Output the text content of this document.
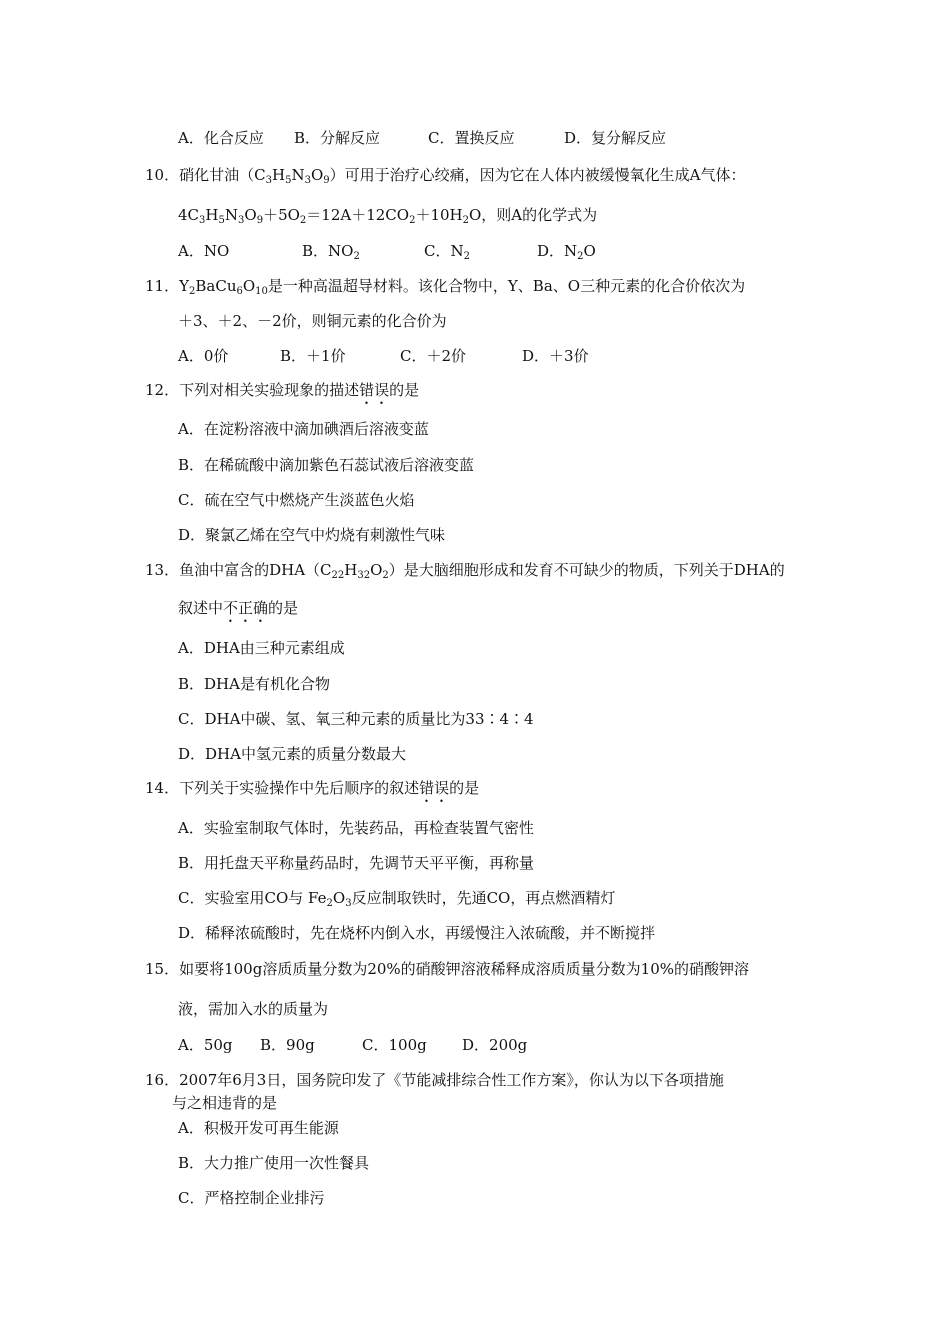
A．化合反应 B．分解反应	C．置换反应	D．复分解反应
10．硝化甘油$(C_3H_5N_3O_9)$可用于治疗心绞痛，因为它在人体内被缓慢氧化生成A气体：
$4C_3H_5N_3O_9+5O_2=12A+12CO_2+10H_2O$，则A的化学式为
A．NO	B．$NO_2$	C．$N_2$	D．$N_2O$
11．$Y_2BaCu_6O_{10}$是一种高温超导材料。该化合物中，Y、Ba、O三种元素的化合价依次为
＋3、＋2、－2价，则铜元素的化合价为
A．0价	B．＋1价	C．＋2价	D．＋3价
12．下列对相关实验现象的描述错误的是
A．在淀粉溶液中滴加碘酒后溶液变蓝
B．在稀硫酸中滴加紫色石蕊试液后溶液变蓝
C．硫在空气中燃烧产生淡蓝色火焰
D．聚氯乙烯在空气中灼烧有刺激性气味
13．鱼油中富含的$DHA(C_{22}H_{32}O_2)$是大脑细胞形成和发育不可缺少的物质，下列关于DHA的
叙述中不正确的是
A．DHA由三种元素组成
B．DHA是有机化合物
C．DHA中碳、氢、氧三种元素的质量比为33∶4∶4
D．DHA中氢元素的质量分数最大
14．下列关于实验操作中先后顺序的叙述错误的是
A．实验室制取气体时，先装药品，再检查装置气密性
B．用托盘天平称量药品时，先调节天平平衡，再称量
C．实验室用CO与 $Fe_2O_3$反应制取铁时，先通CO，再点燃酒精灯
D．稀释浓硫酸时，先在烧杯内倒入水，再缓慢注入浓硫酸，并不断搅拌
15．如要将100g溶质质量分数为20%的硝酸钾溶液稀释成溶质质量分数为10%的硝酸钾溶
液，需加入水的质量为
A．50g B．90g	C．100g D．200g
16．2007年6月3日，国务院印发了《节能减排综合性工作方案》，你认为以下各项措施
与之相违背的是
A．积极开发可再生能源
B．大力推广使用一次性餐具
C．严格控制企业排污
